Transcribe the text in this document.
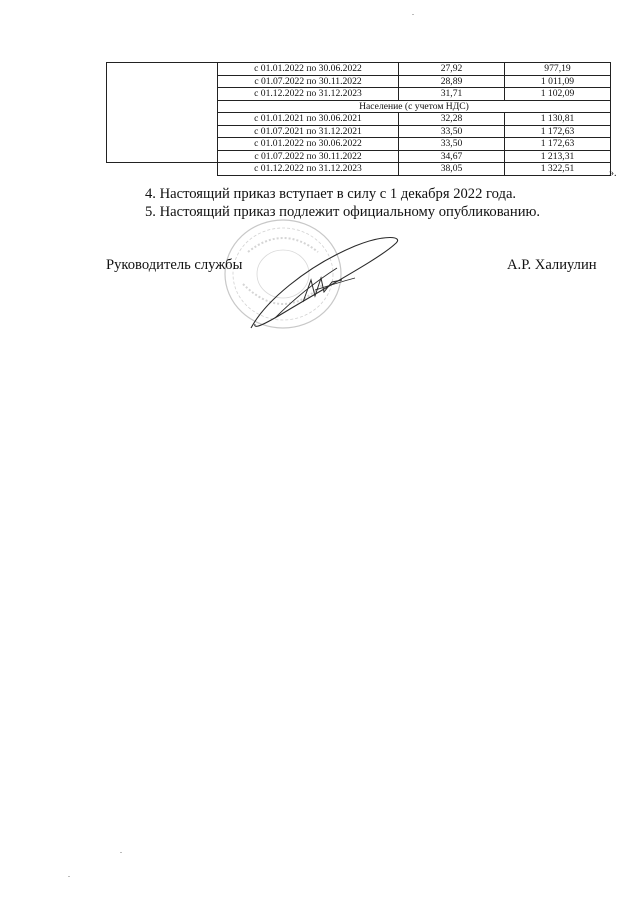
	с 01.01.2022 по 30.06.2022	27,92	977,19
	с 01.07.2022 по 30.11.2022	28,89	1 011,09
	с 01.12.2022 по 31.12.2023	31,71	1 102,09
	Население (с учетом НДС)		
	с 01.01.2021 по 30.06.2021	32,28	1 130,81
	с 01.07.2021 по 31.12.2021	33,50	1 172,63
	с 01.01.2022 по 30.06.2022	33,50	1 172,63
	с 01.07.2022 по 30.11.2022	34,67	1 213,31
	с 01.12.2022 по 31.12.2023	38,05	1 322,51	».
4. Настоящий приказ вступает в силу с 1 декабря 2022 года.
5. Настоящий приказ подлежит официальному опубликованию.
Руководитель службы	А.Р. Халиулин
